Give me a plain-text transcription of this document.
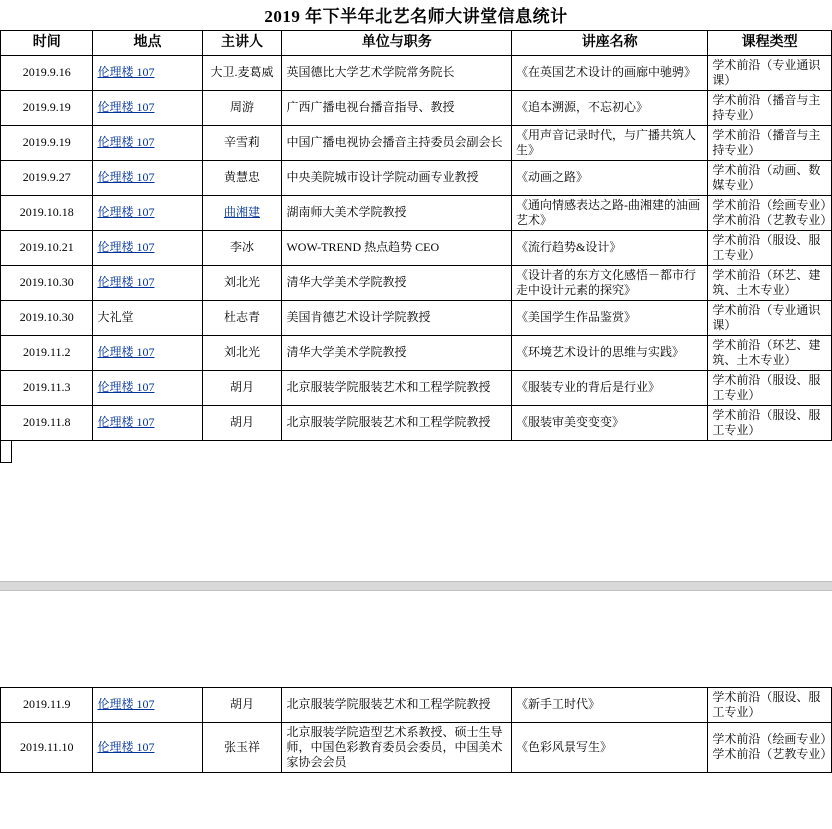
2019 年下半年北艺名师大讲堂信息统计
时间	地点	主讲人	单位与职务	讲座名称	课程类型
2019.9.16	伦理楼 107	大卫.麦葛威	英国德比大学艺术学院常务院长	《在英国艺术设计的画廊中驰骋》	学术前沿（专业通识课）

2019.9.19	伦理楼 107	周游	广西广播电视台播音指导、教授	《追本溯源，不忘初心》	学术前沿（播音与主持专业）

2019.9.19	伦理楼 107	辛雪莉	中国广播电视协会播音主持委员会副会长	《用声音记录时代，与广播共筑人生》	学术前沿（播音与主持专业）

2019.9.27	伦理楼 107	黄慧忠	中央美院城市设计学院动画专业教授	《动画之路》	学术前沿（动画、数媒专业）

2019.10.18	伦理楼 107	曲湘建	湖南师大美术学院教授	《通向情感表达之路-曲湘建的油画艺术》	学术前沿（绘画专业）
学术前沿（艺教专业）

2019.10.21	伦理楼 107	李冰	WOW-TREND 热点趋势 CEO	《流行趋势&设计》	学术前沿（服设、服工专业）

2019.10.30	伦理楼 107	刘北光	清华大学美术学院教授	《设计者的东方文化感悟－都市行走中设计元素的探究》	学术前沿（环艺、建筑、土木专业）

2019.10.30	大礼堂	杜志青	美国肯德艺术设计学院教授	《美国学生作品鉴赏》	学术前沿（专业通识课）

2019.11.2	伦理楼 107	刘北光	清华大学美术学院教授	《环境艺术设计的思维与实践》	学术前沿（环艺、建筑、土木专业）

2019.11.3	伦理楼 107	胡月	北京服装学院服装艺术和工程学院教授	《服装专业的背后是行业》	学术前沿（服设、服工专业）

2019.11.8	伦理楼 107	胡月	北京服装学院服装艺术和工程学院教授	《服装审美变变变》	学术前沿（服设、服工专业）
2019.11.9	伦理楼 107	胡月	北京服装学院服装艺术和工程学院教授	《新手工时代》	学术前沿（服设、服工专业）

2019.11.10	伦理楼 107	张玉祥	北京服装学院造型艺术系教授、硕士生导师，中国色彩教育委员会委员，中国美术家协会会员	《色彩风景写生》	学术前沿（绘画专业）
学术前沿（艺教专业）
